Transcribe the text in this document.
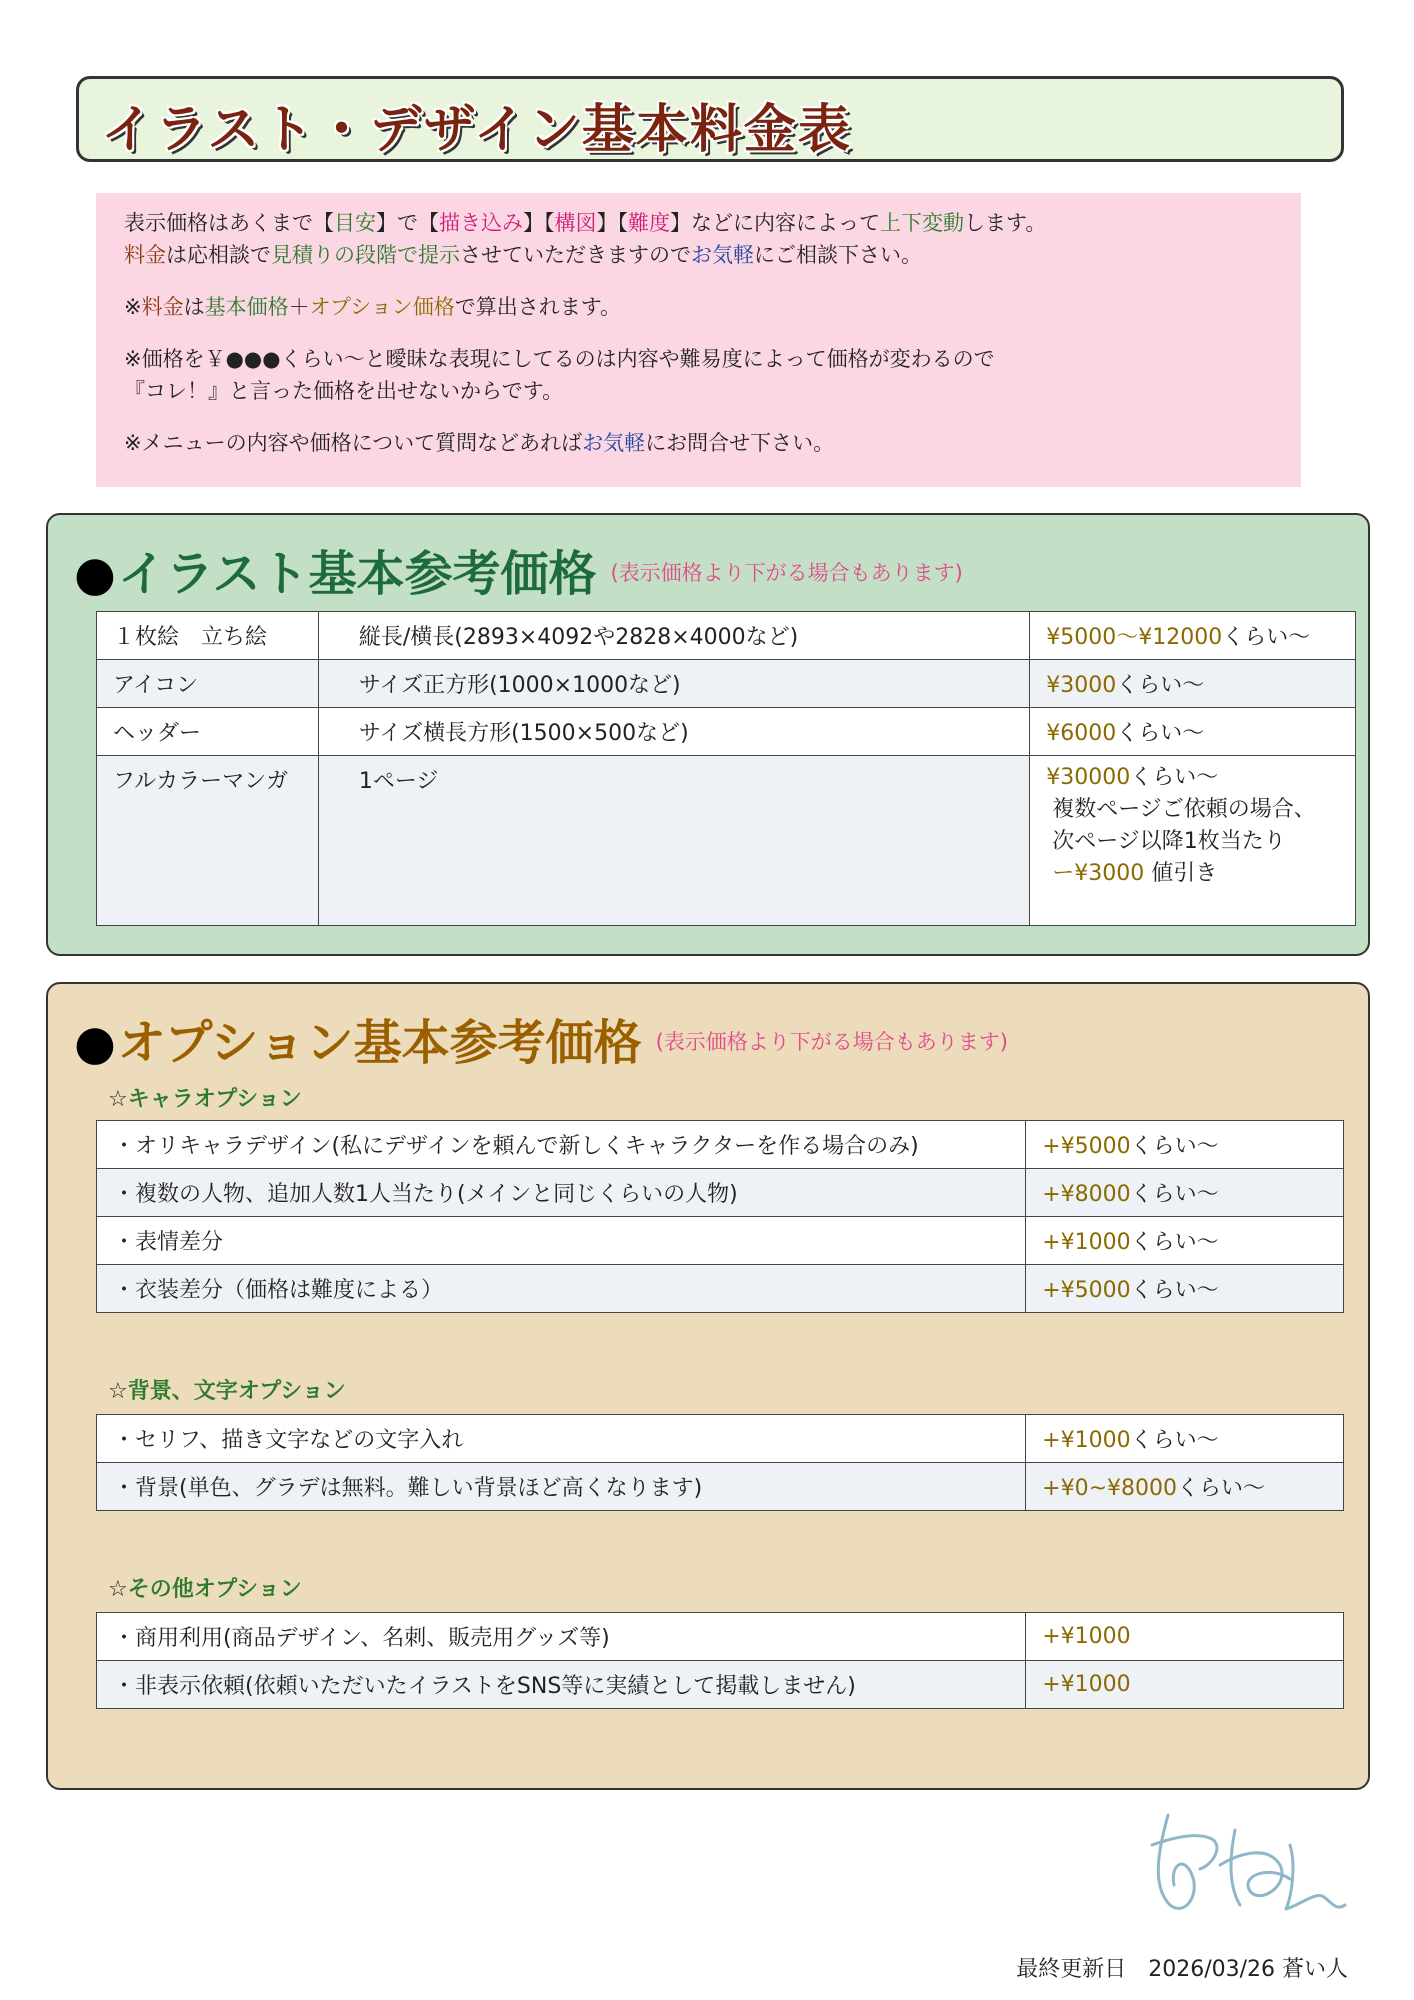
イラスト・デザイン基本料金表

表示価格はあくまで【目安】で【描き込み】【構図】【難度】などに内容によって上下変動します。

料金は応相談で見積りの段階で提示させていただきますのでお気軽にご相談下さい。

※料金は基本価格＋オプション価格で算出されます。

※価格を￥●●●くらい～と曖昧な表現にしてるのは内容や難易度によって価格が変わるので

『コレ！』と言った価格を出せないからです。

※メニューの内容や価格について質問などあればお気軽にお問合せ下さい。

●イラスト基本参考価格 $^{(表示価格より下がる場合もあります)}$
１枚絵　立ち絵	縦長/横長(2893×4092や2828×4000など)	¥5000～¥12000くらい～
アイコン	サイズ正方形(1000×1000など)	¥3000くらい～
ヘッダー	サイズ横長方形(1500×500など)	¥6000くらい～
フルカラーマンガ	1ページ	¥30000くらい～
複数ページご依頼の場合、
次ページ以降1枚当たり
ー¥3000 値引き
●オプション基本参考価格 $^{(表示価格より下がる場合もあります)}$
☆キャラオプション
・オリキャラデザイン(私にデザインを頼んで新しくキャラクターを作る場合のみ)	+¥5000くらい～
・複数の人物、追加人数1人当たり(メインと同じくらいの人物)	+¥8000くらい～
・表情差分	+¥1000くらい～
・衣装差分（価格は難度による）	+¥5000くらい～
☆背景、文字オプション
・セリフ、描き文字などの文字入れ	+¥1000くらい～
・背景(単色、グラデは無料。難しい背景ほど高くなります)	+¥0~¥8000くらい～
☆その他オプション
・商用利用(商品デザイン、名刺、販売用グッズ等)	+¥1000
・非表示依頼(依頼いただいたイラストをSNS等に実績として掲載しません)	+¥1000
最終更新日　2026/03/26 蒼い人
